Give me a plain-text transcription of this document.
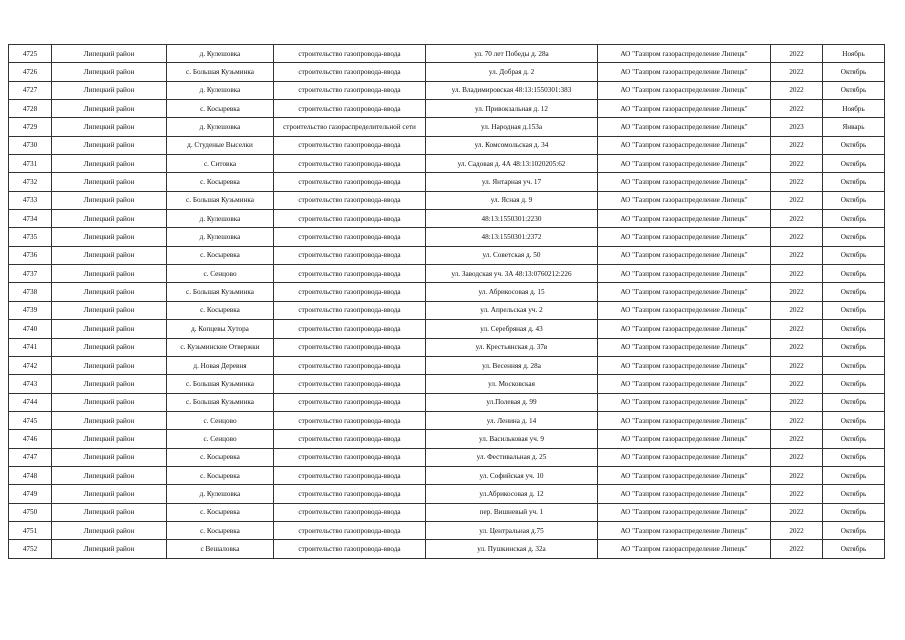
4725	Липецкий район	д. Кулешовка	строительство газопровода-ввода	ул. 70 лет Победы д. 28а	АО "Газпром газораспределение Липецк"	2022	Ноябрь
4726	Липецкий район	с. Большая Кузьминка	строительство газопровода-ввода	ул. Добрая д. 2	АО "Газпром газораспределение Липецк"	2022	Октябрь
4727	Липецкий район	д. Кулешовка	строительство газопровода-ввода	ул. Владимировская 48:13:1550301:383	АО "Газпром газораспределение Липецк"	2022	Октябрь
4728	Липецкий район	с. Косыревка	строительство газопровода-ввода	ул. Привокзальная д. 12	АО "Газпром газораспределение Липецк"	2022	Ноябрь
4729	Липецкий район	д. Кулешовка	строительство газораспределительной сети	ул. Народная д.153а	АО "Газпром газораспределение Липецк"	2023	Январь
4730	Липецкий район	д. Студеные Выселки	строительство газопровода-ввода	ул. Комсомольская д. 34	АО "Газпром газораспределение Липецк"	2022	Октябрь
4731	Липецкий район	с. Ситовка	строительство газопровода-ввода	ул. Садовая д. 4А 48:13:1020205:62	АО "Газпром газораспределение Липецк"	2022	Октябрь
4732	Липецкий район	с. Косыревка	строительство газопровода-ввода	ул. Янтарная уч. 17	АО "Газпром газораспределение Липецк"	2022	Октябрь
4733	Липецкий район	с. Большая Кузьминка	строительство газопровода-ввода	ул. Ясная д. 9	АО "Газпром газораспределение Липецк"	2022	Октябрь
4734	Липецкий район	д. Кулешовка	строительство газопровода-ввода	48:13:1550301:2230	АО "Газпром газораспределение Липецк"	2022	Октябрь
4735	Липецкий район	д. Кулешовка	строительство газопровода-ввода	48:13:1550301:2372	АО "Газпром газораспределение Липецк"	2022	Октябрь
4736	Липецкий район	с. Косыревка	строительство газопровода-ввода	ул. Советская д. 50	АО "Газпром газораспределение Липецк"	2022	Октябрь
4737	Липецкий район	с. Сенцово	строительство газопровода-ввода	ул. Заводская уч. 3А 48:13:0760212:226	АО "Газпром газораспределение Липецк"	2022	Октябрь
4738	Липецкий район	с. Большая Кузьминка	строительство газопровода-ввода	ул. Абрикосовая д. 15	АО "Газпром газораспределение Липецк"	2022	Октябрь
4739	Липецкий район	с. Косыревка	строительство газопровода-ввода	ул. Апрельская уч. 2	АО "Газпром газораспределение Липецк"	2022	Октябрь
4740	Липецкий район	д. Копцевы Хутора	строительство газопровода-ввода	ул. Серебряная д. 43	АО "Газпром газораспределение Липецк"	2022	Октябрь
4741	Липецкий район	с. Кузьминские Отвержки	строительство газопровода-ввода	ул. Крестьянская д. 37в	АО "Газпром газораспределение Липецк"	2022	Октябрь
4742	Липецкий район	д. Новая Деревня	строительство газопровода-ввода	ул. Весенняя д. 28а	АО "Газпром газораспределение Липецк"	2022	Октябрь
4743	Липецкий район	с. Большая Кузьминка	строительство газопровода-ввода	ул. Московская	АО "Газпром газораспределение Липецк"	2022	Октябрь
4744	Липецкий район	с. Большая Кузьминка	строительство газопровода-ввода	ул.Полевая д. 99	АО "Газпром газораспределение Липецк"	2022	Октябрь
4745	Липецкий район	с. Сенцово	строительство газопровода-ввода	ул. Ленина д. 14	АО "Газпром газораспределение Липецк"	2022	Октябрь
4746	Липецкий район	с. Сенцово	строительство газопровода-ввода	ул. Васильковая уч. 9	АО "Газпром газораспределение Липецк"	2022	Октябрь
4747	Липецкий район	с. Косыревка	строительство газопровода-ввода	ул. Фестивальная д. 25	АО "Газпром газораспределение Липецк"	2022	Октябрь
4748	Липецкий район	с. Косыревка	строительство газопровода-ввода	ул. Софийская уч. 10	АО "Газпром газораспределение Липецк"	2022	Октябрь
4749	Липецкий район	д. Кулешовка	строительство газопровода-ввода	ул.Абрикосовая д. 12	АО "Газпром газораспределение Липецк"	2022	Октябрь
4750	Липецкий район	с. Косыревка	строительство газопровода-ввода	пер. Вишневый уч. 1	АО "Газпром газораспределение Липецк"	2022	Октябрь
4751	Липецкий район	с. Косыревка	строительство газопровода-ввода	ул. Центральная д.75	АО "Газпром газораспределение Липецк"	2022	Октябрь
4752	Липецкий район	с Вешаловка	строительство газопровода-ввода	ул. Пушкинская д. 32а	АО "Газпром газораспределение Липецк"	2022	Октябрь
